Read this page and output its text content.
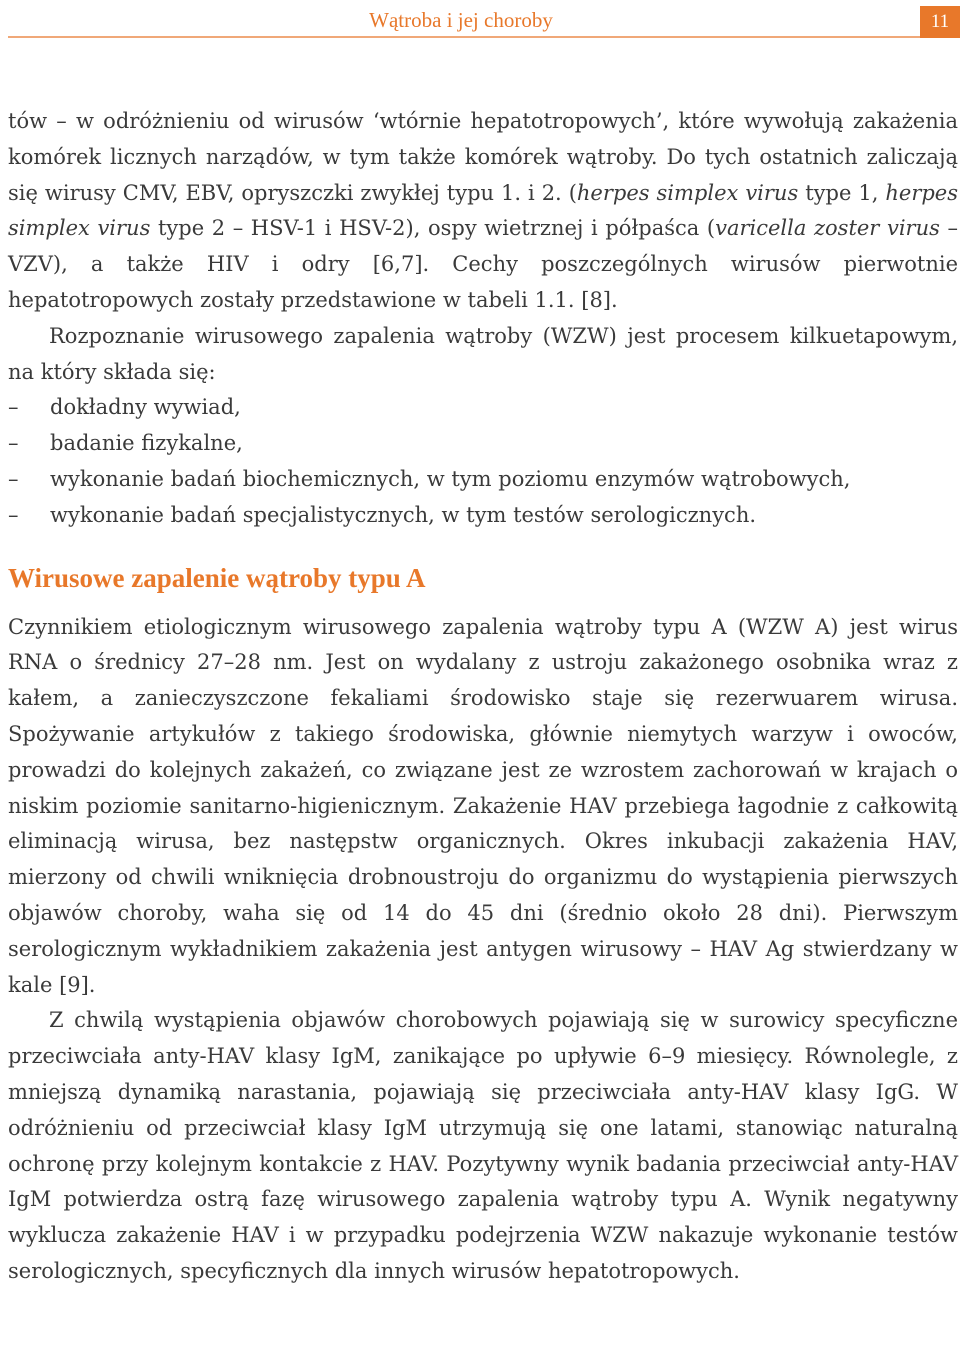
Wątroba i jej choroby	11

tów – w odróżnieniu od wirusów ‘wtórnie hepatotropowych’, które wywołują zakażenia komórek licznych narządów, w tym także komórek wątroby. Do tych ostatnich zaliczają się wirusy CMV, EBV, opryszczki zwykłej typu 1. i 2. (herpes simplex virus type 1, herpes simplex virus type 2 – HSV-1 i HSV-2), ospy wietrznej i półpaśca (varicella zoster virus – VZV), a także HIV i odry [6,7]. Cechy poszczególnych wirusów pierwotnie hepatotropowych zostały przedstawione w tabeli 1.1. [8].

Rozpoznanie wirusowego zapalenia wątroby (WZW) jest procesem kilkuetapowym, na który składa się:

– dokładny wywiad,
– badanie fizykalne,
– wykonanie badań biochemicznych, w tym poziomu enzymów wątrobowych,
– wykonanie badań specjalistycznych, w tym testów serologicznych.
Wirusowe zapalenie wątroby typu A

Czynnikiem etiologicznym wirusowego zapalenia wątroby typu A (WZW A) jest wirus RNA o średnicy 27–28 nm. Jest on wydalany z ustroju zakażonego osobnika wraz z kałem, a zanieczyszczone fekaliami środowisko staje się rezerwuarem wirusa. Spożywanie artykułów z takiego środowiska, głównie niemytych warzyw i owoców, prowadzi do kolejnych zakażeń, co związane jest ze wzrostem zachorowań w krajach o niskim poziomie sanitarno-higienicznym. Zakażenie HAV przebiega łagodnie z całkowitą eliminacją wirusa, bez następstw organicznych. Okres inkubacji zakażenia HAV, mierzony od chwili wniknięcia drobnoustroju do organizmu do wystąpienia pierwszych objawów choroby, waha się od 14 do 45 dni (średnio około 28 dni). Pierwszym serologicznym wykładnikiem zakażenia jest antygen wirusowy – HAV Ag stwierdzany w kale [9].

Z chwilą wystąpienia objawów chorobowych pojawiają się w surowicy specyficzne przeciwciała anty-HAV klasy IgM, zanikające po upływie 6–9 miesięcy. Równolegle, z mniejszą dynamiką narastania, pojawiają się przeciwciała anty-HAV klasy IgG. W odróżnieniu od przeciwciał klasy IgM utrzymują się one latami, stanowiąc naturalną ochronę przy kolejnym kontakcie z HAV. Pozytywny wynik badania przeciwciał anty-HAV IgM potwierdza ostrą fazę wirusowego zapalenia wątroby typu A. Wynik negatywny wyklucza zakażenie HAV i w przypadku podejrzenia WZW nakazuje wykonanie testów serologicznych, specyficznych dla innych wirusów hepatotropowych.
